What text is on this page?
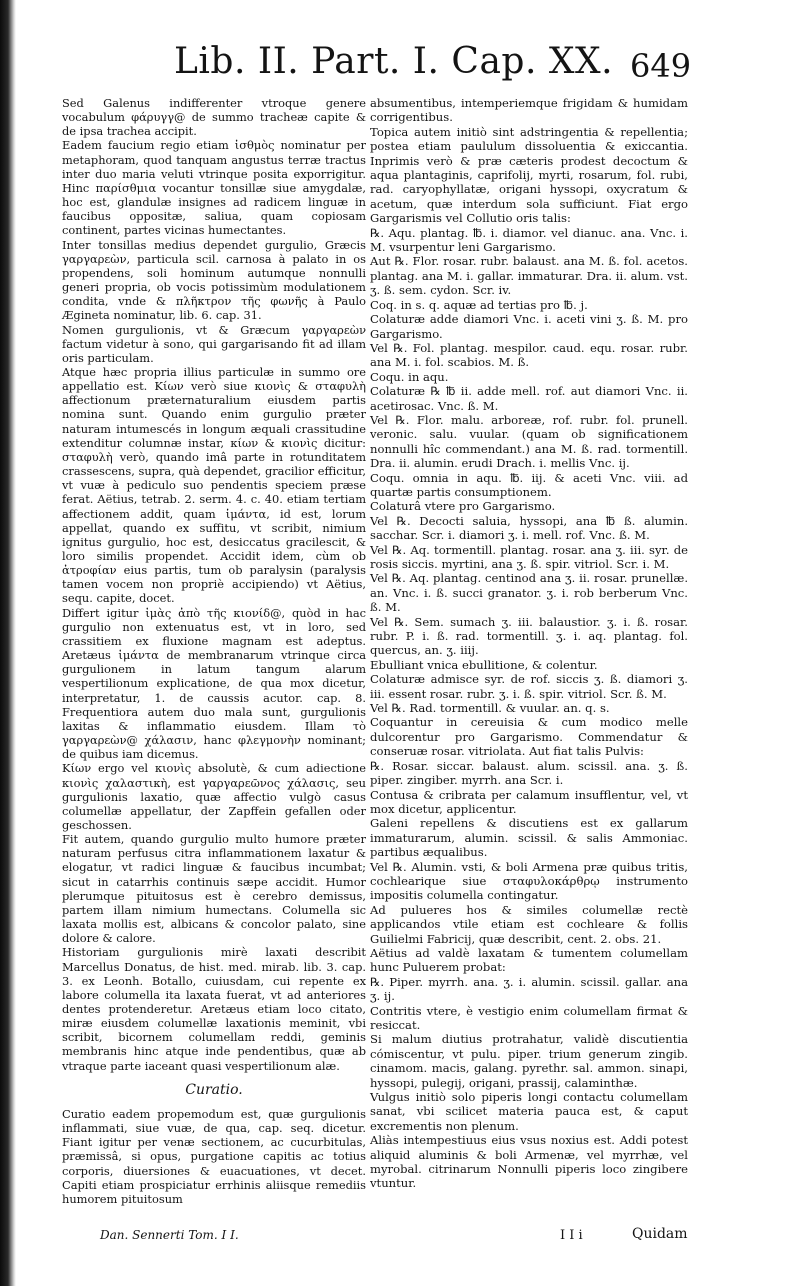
Lib. II. Part. I. Cap. XX. 649

Sed Galenus indifferenter vtroque genere vocabulum φάρυγγ@ de summo tracheæ capite & de ipsa trachea accipit.

Eadem faucium regio etiam ἰσθμὸς nominatur per metaphoram, quod tanquam angustus terræ tractus inter duo maria veluti vtrinque posita exporrigitur. Hinc παρίσθμια vocantur tonsillæ siue amygdalæ, hoc est, glandulæ insignes ad radicem linguæ in faucibus oppositæ, saliua, quam copiosam continent, partes vicinas humectantes.

Inter tonsillas medius dependet gurgulio, Græcis γαργαρεὼν, particula scil. carnosa à palato in os propendens, soli hominum autumque nonnulli generi propria, ob vocis potissimùm modulationem condita, vnde & πλῆκτρον τῆς φωνῆς à Paulo Ægineta nominatur, lib. 6. cap. 31.

Nomen gurgulionis, vt & Græcum γαργαρεὼν factum videtur à sono, qui gargarisando fit ad illam oris particulam.

Atque hæc propria illius particulæ in summo ore appellatio est. Κίων verò siue κιονὶς & σταφυλὴ affectionum præternaturalium eiusdem partis nomina sunt. Quando enim gurgulio præter naturam intumescés in longum æquali crassitudine extenditur columnæ instar, κίων & κιονὶς dicitur: σταφυλὴ verò, quando imâ parte in rotunditatem crassescens, supra, quà dependet, gracilior efficitur, vt vuæ à pediculo suo pendentis speciem præse ferat. Aëtius, tetrab. 2. serm. 4. c. 40. etiam tertiam affectionem addit, quam ἱμάντα, id est, lorum appellat, quando ex suffitu, vt scribit, nimium ignitus gurgulio, hoc est, desiccatus gracilescit, & loro similis propendet. Accidit idem, cùm ob ἀτροφίαν eius partis, tum ob paralysin (paralysis tamen vocem non propriè accipiendo) vt Aëtius, sequ. capite, docet.

Differt igitur ἱμὰς ἀπὸ τῆς κιονίδ@, quòd in hac gurgulio non extenuatus est, vt in loro, sed crassitiem ex fluxione magnam est adeptus. Aretæus ἱμάντα de membranarum vtrinque circa gurgulionem in latum tangum alarum vespertilionum explicatione, de qua mox dicetur, interpretatur, 1. de caussis acutor. cap. 8. Frequentiora autem duo mala sunt, gurgulionis laxitas & inflammatio eiusdem. Illam τὸ γαργαρεὼν@ χάλασιν, hanc φλεγμονὴν nominant; de quibus iam dicemus.

Κίων ergo vel κιονὶς absolutè, & cum adiectione κιονὶς χαλαστικὴ, est γαργαρεῶνος χάλασις, seu gurgulionis laxatio, quæ affectio vulgò casus columellæ appellatur, der Zapffein gefallen oder geschossen.

Fit autem, quando gurgulio multo humore præter naturam perfusus citra inflammationem laxatur & elogatur, vt radici linguæ & faucibus incumbat; sicut in catarrhis continuis sæpe accidit. Humor plerumque pituitosus est è cerebro demissus, partem illam nimium humectans. Columella sic laxata mollis est, albicans & concolor palato, sine dolore & calore.

Historiam gurgulionis mirè laxati describit Marcellus Donatus, de hist. med. mirab. lib. 3. cap. 3. ex Leonh. Botallo, cuiusdam, cui repente ex labore columella ita laxata fuerat, vt ad anteriores dentes protenderetur. Aretæus etiam loco citato, miræ eiusdem columellæ laxationis meminit, vbi scribit, bicornem columellam reddi, geminis membranis hinc atque inde pendentibus, quæ ab vtraque parte iaceant quasi vespertilionum alæ.

Curatio.

Curatio eadem propemodum est, quæ gurgulionis inflammati, siue vuæ, de qua, cap. seq. dicetur. Fiant igitur per venæ sectionem, ac cucurbitulas, præmissâ, si opus, purgatione capitis ac totius corporis, diuersiones & euacuationes, vt decet. Capiti etiam prospiciatur errhinis aliisque remediis humorem pituitosum

absumentibus, intemperiemque frigidam & humidam corrigentibus.

Topica autem initiò sint adstringentia & repellentia; postea etiam paululum dissoluentia & exiccantia. Inprimis verò & præ cæteris prodest decoctum & aqua plantaginis, caprifolij, myrti, rosarum, fol. rubi, rad. caryophyllatæ, origani hyssopi, oxycratum & acetum, quæ interdum sola sufficiunt. Fiat ergo Gargarismis vel Collutio oris talis:

℞. Aqu. plantag. ℔. i. diamor. vel dianuc. ana. Vnc. i. M. vsurpentur leni Gargarismo.

Aut ℞. Flor. rosar. rubr. balaust. ana M. ß. fol. acetos. plantag. ana M. i. gallar. immaturar. Dra. ii. alum. vst. ʒ. ß. sem. cydon. Scr. iv.

Coq. in s. q. aquæ ad tertias pro ℔. j.

Colaturæ adde diamori Vnc. i. aceti vini ʒ. ß. M. pro Gargarismo.

Vel ℞. Fol. plantag. mespilor. caud. equ. rosar. rubr. ana M. i. fol. scabios. M. ß.

Coqu. in aqu.

Colaturæ ℞ ℔ ii. adde mell. rof. aut diamori Vnc. ii. acetirosac. Vnc. ß. M.

Vel ℞. Flor. malu. arboreæ, rof. rubr. fol. prunell. veronic. salu. vuular. (quam ob significationem nonnulli hîc commendant.) ana M. ß. rad. tormentill. Dra. ii. alumin. erudi Drach. i. mellis Vnc. ij.

Coqu. omnia in aqu. ℔. iij. & aceti Vnc. viii. ad quartæ partis consumptionem.

Colaturâ vtere pro Gargarismo.

Vel ℞. Decocti saluia, hyssopi, ana ℔ ß. alumin. sacchar. Scr. i. diamori ʒ. i. mell. rof. Vnc. ß. M.

Vel ℞. Aq. tormentill. plantag. rosar. ana ʒ. iii. syr. de rosis siccis. myrtini, ana ʒ. ß. spir. vitriol. Scr. i. M.

Vel ℞. Aq. plantag. centinod ana ʒ. ii. rosar. prunellæ. an. Vnc. i. ß. succi granator. ʒ. i. rob berberum Vnc. ß. M.

Vel ℞. Sem. sumach ʒ. iii. balaustior. ʒ. i. ß. rosar. rubr. P. i. ß. rad. tormentill. ʒ. i. aq. plantag. fol. quercus, an. ʒ. iiij.

Ebulliant vnica ebullitione, & colentur.

Colaturæ admisce syr. de rof. siccis ʒ. ß. diamori ʒ. iii. essent rosar. rubr. ʒ. i. ß. spir. vitriol. Scr. ß. M.

Vel ℞. Rad. tormentill. & vuular. an. q. s.

Coquantur in cereuisia & cum modico melle dulcorentur pro Gargarismo. Commendatur & conseruæ rosar. vitriolata. Aut fiat talis Pulvis:

℞. Rosar. siccar. balaust. alum. scissil. ana. ʒ. ß. piper. zingiber. myrrh. ana Scr. i.

Contusa & cribrata per calamum insufflentur, vel, vt mox dicetur, applicentur.

Galeni repellens & discutiens est ex gallarum immaturarum, alumin. scissil. & salis Ammoniac. partibus æqualibus.

Vel ℞. Alumin. vsti, & boli Armena præ quibus tritis, cochlearique siue σταφυλοκάρθρῳ instrumento impositis columella contingatur.

Ad pulueres hos & similes columellæ rectè applicandos vtile etiam est cochleare & follis Guilielmi Fabricij, quæ describit, cent. 2. obs. 21.

Aëtius ad valdè laxatam & tumentem columellam hunc Puluerem probat:

℞. Piper. myrrh. ana. ʒ. i. alumin. scissil. gallar. ana ʒ. ij.

Contritis vtere, è vestigio enim columellam firmat & resiccat.

Si malum diutius protrahatur, validè discutientia cómiscentur, vt pulu. piper. trium generum zingib. cinamom. macis, galang. pyrethr. sal. ammon. sinapi, hyssopi, pulegij, origani, prassij, calaminthæ.

Vulgus initiò solo piperis longi contactu columellam sanat, vbi scilicet materia pauca est, & caput excrementis non plenum.

Aliàs intempestiuus eius vsus noxius est. Addi potest aliquid aluminis & boli Armenæ, vel myrrhæ, vel myrobal. citrinarum Nonnulli piperis loco zingibere vtuntur.

Dan. Sennerti Tom. I I.	I I i	Quidam
